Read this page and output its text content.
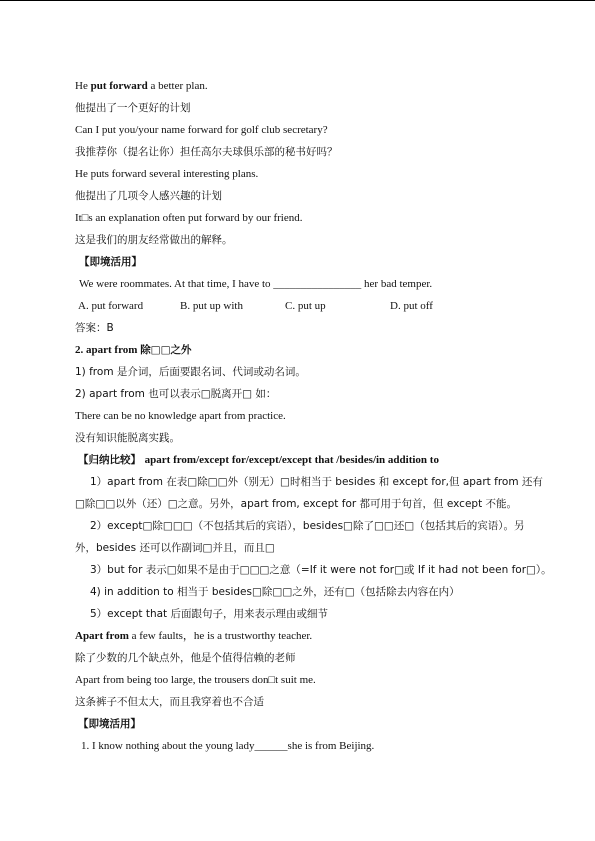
He put forward a better plan.
他提出了一个更好的计划
Can I put you/your name forward for golf club secretary?
我推荐你（提名让你）担任高尔夫球俱乐部的秘书好吗？
He puts forward several interesting plans.
他提出了几项令人感兴趣的计划
It□s an explanation often put forward by our friend.
这是我们的朋友经常做出的解释。
【即境活用】
We were roommates. At that time, I have to ________________ her bad temper.
A. put forward	B. put up with	C. put up	D. put off
答案：B
2. apart from 除□□之外
1) from 是介词，后面要跟名词、代词或动名词。
2) apart from 也可以表示□脱离开□ 如：
There can be no knowledge apart from practice.
没有知识能脱离实践。
【归纳比较】 apart from/except for/except/except that /besides/in addition to
1）apart from 在表□除□□外（别无）□时相当于 besides 和 except for,但 apart from 还有
□除□□以外（还）□之意。另外，apart from, except for 都可用于句首，但 except 不能。
2）except□除□□□（不包括其后的宾语），besides□除了□□还□（包括其后的宾语）。另
外，besides 还可以作副词□并且，而且□
3）but for 表示□如果不是由于□□□之意（=If it were not for□或 If it had not been for□）。
4) in addition to 相当于 besides□除□□之外，还有□（包括除去内容在内）
5）except that 后面跟句子，用来表示理由或细节
Apart from a few faults，he is a trustworthy teacher.
除了少数的几个缺点外，他是个值得信赖的老师
Apart from being too large, the trousers don□t suit me.
这条裤子不但太大，而且我穿着也不合适
【即境活用】
1. I know nothing about the young lady______she is from Beijing.
